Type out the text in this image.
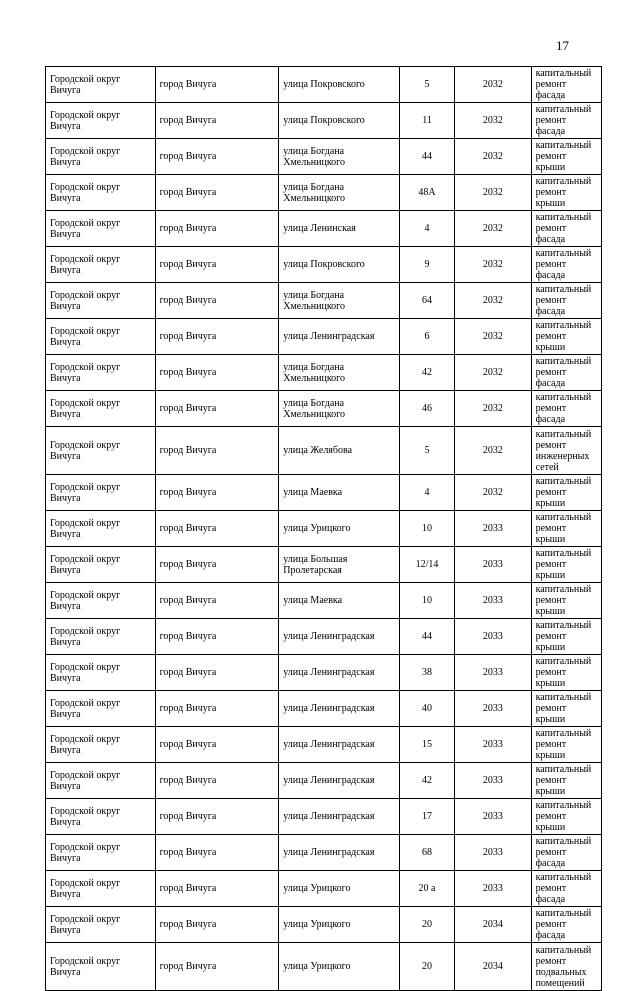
17
Городской округ Вичуга	город Вичуга	улица Покровского	5	2032	капитальный ремонт фасада
Городской округ Вичуга	город Вичуга	улица Покровского	11	2032	капитальный ремонт фасада
Городской округ Вичуга	город Вичуга	улица Богдана Хмельницкого	44	2032	капитальный ремонт крыши
Городской округ Вичуга	город Вичуга	улица Богдана Хмельницкого	48А	2032	капитальный ремонт крыши
Городской округ Вичуга	город Вичуга	улица Ленинская	4	2032	капитальный ремонт фасада
Городской округ Вичуга	город Вичуга	улица Покровского	9	2032	капитальный ремонт фасада
Городской округ Вичуга	город Вичуга	улица Богдана Хмельницкого	64	2032	капитальный ремонт фасада
Городской округ Вичуга	город Вичуга	улица Ленинградская	6	2032	капитальный ремонт крыши
Городской округ Вичуга	город Вичуга	улица Богдана Хмельницкого	42	2032	капитальный ремонт фасада
Городской округ Вичуга	город Вичуга	улица Богдана Хмельницкого	46	2032	капитальный ремонт фасада
Городской округ Вичуга	город Вичуга	улица Желябова	5	2032	капитальный ремонт инженерных сетей
Городской округ Вичуга	город Вичуга	улица Маевка	4	2032	капитальный ремонт крыши
Городской округ Вичуга	город Вичуга	улица Урицкого	10	2033	капитальный ремонт крыши
Городской округ Вичуга	город Вичуга	улица Большая Пролетарская	12/14	2033	капитальный ремонт крыши
Городской округ Вичуга	город Вичуга	улица Маевка	10	2033	капитальный ремонт крыши
Городской округ Вичуга	город Вичуга	улица Ленинградская	44	2033	капитальный ремонт крыши
Городской округ Вичуга	город Вичуга	улица Ленинградская	38	2033	капитальный ремонт крыши
Городской округ Вичуга	город Вичуга	улица Ленинградская	40	2033	капитальный ремонт крыши
Городской округ Вичуга	город Вичуга	улица Ленинградская	15	2033	капитальный ремонт крыши
Городской округ Вичуга	город Вичуга	улица Ленинградская	42	2033	капитальный ремонт крыши
Городской округ Вичуга	город Вичуга	улица Ленинградская	17	2033	капитальный ремонт крыши
Городской округ Вичуга	город Вичуга	улица Ленинградская	68	2033	капитальный ремонт фасада
Городской округ Вичуга	город Вичуга	улица Урицкого	20 а	2033	капитальный ремонт фасада
Городской округ Вичуга	город Вичуга	улица Урицкого	20	2034	капитальный ремонт фасада
Городской округ Вичуга	город Вичуга	улица Урицкого	20	2034	капитальный ремонт подвальных помещений
